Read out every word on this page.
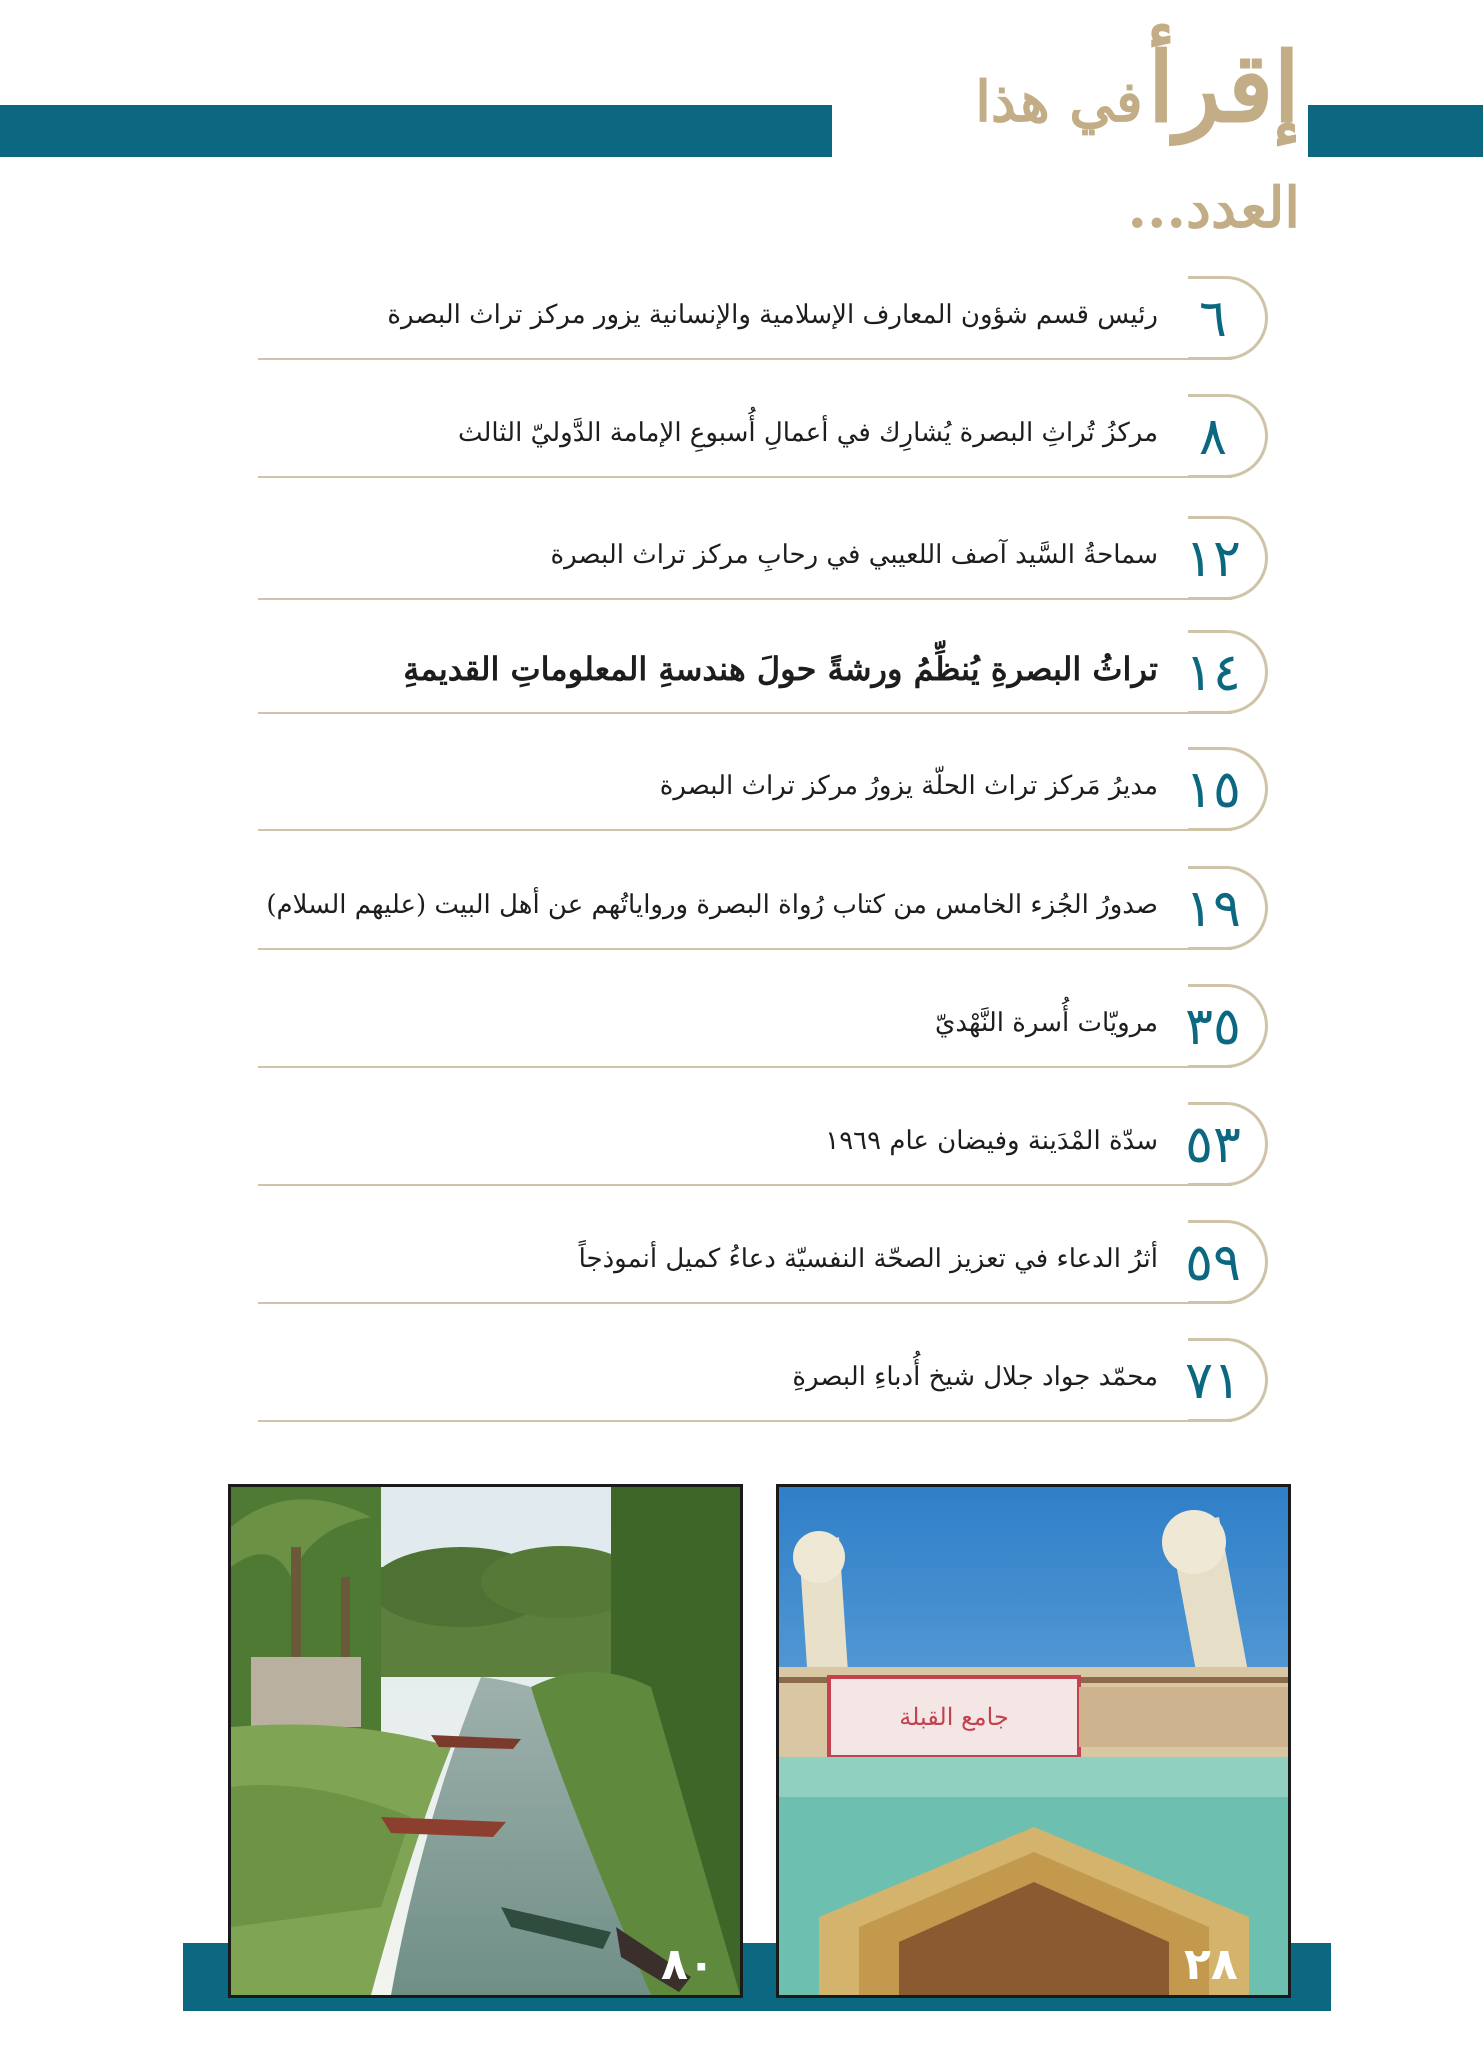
إقرأ في هذا العدد...
٦
رئيس قسم شؤون المعارف الإسلامية والإنسانية يزور مركز تراث البصرة
٨
مركزُ تُراثِ البصرة يُشارِك في أعمالِ أُسبوعِ الإمامة الدَّوليّ الثالث
١٢
سماحةُ السَّيد آصف اللعيبي في رحابِ مركز تراث البصرة
١٤
تراثُ البصرةِ يُنظِّمُ ورشةً حولَ هندسةِ المعلوماتِ القديمةِ
١٥
مديرُ مَركز تراث الحلّة يزورُ مركز تراث البصرة
١٩
صدورُ الجُزء الخامس من كتاب رُواة البصرة ورواياتُهم عن أهل البيت (عليهم السلام)
٣٥
مرويّات أُسرة النَّهْديّ
٥٣
سدّة المْدَينة وفيضان عام ١٩٦٩
٥٩
أثرُ الدعاء في تعزيز الصحّة النفسيّة دعاءُ كميل أنموذجاً
٧١
محمّد جواد جلال شيخ أُدباءِ البصرةِ
٨٠
جامع القبلة
٢٨
